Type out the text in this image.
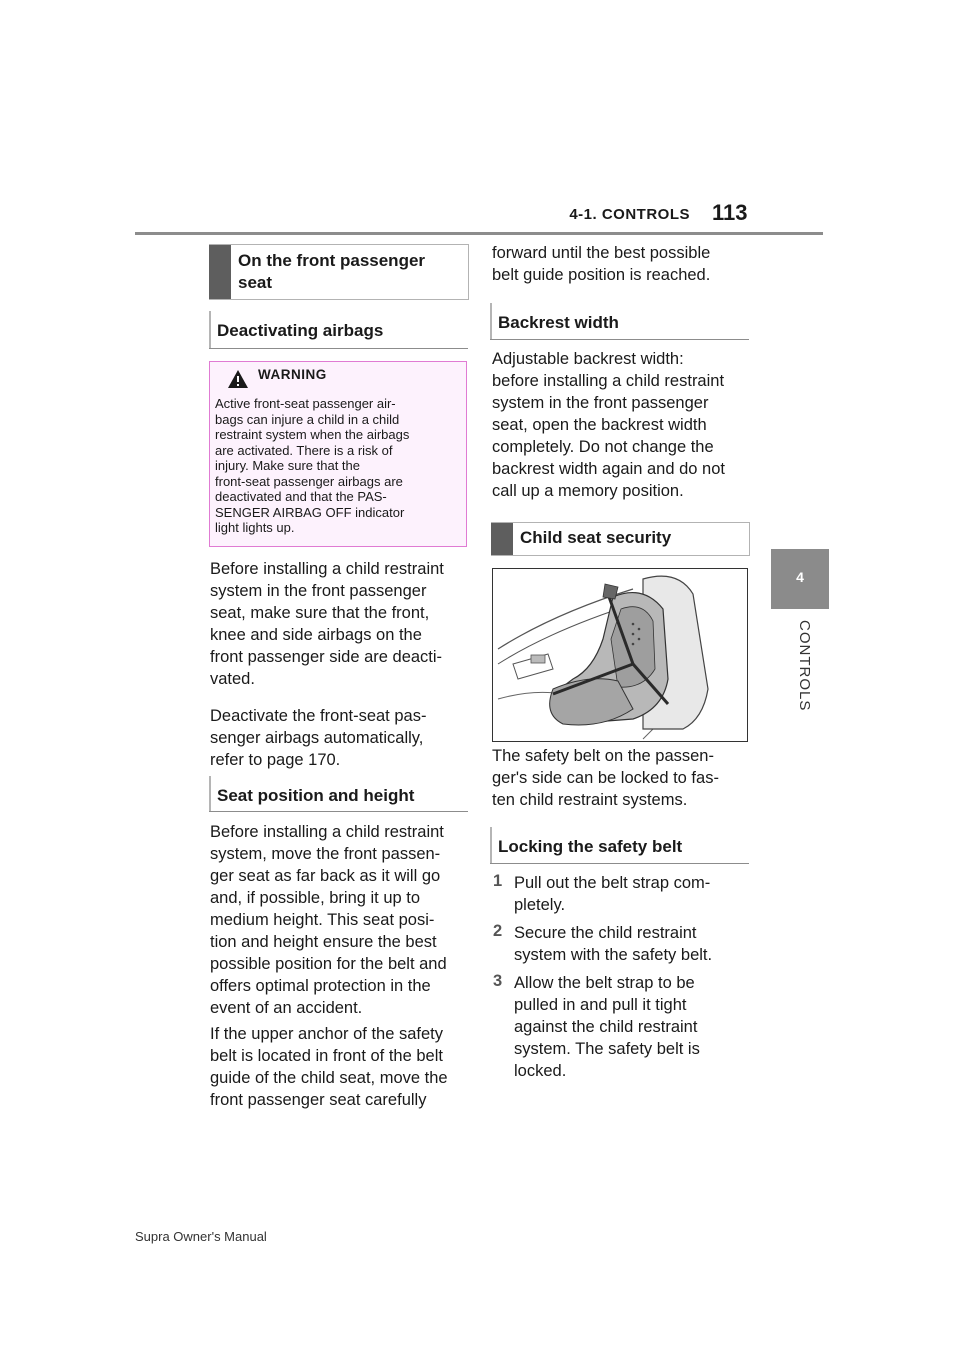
4-1. CONTROLS 113
4
CONTROLS
On the front passenger seat
Deactivating airbags
WARNING
Active front-seat passenger air-
bags can injure a child in a child
restraint system when the airbags
are activated. There is a risk of
injury. Make sure that the
front-seat passenger airbags are
deactivated and that the PAS-
SENGER AIRBAG OFF indicator
light lights up.
Before installing a child restraint
system in the front passenger
seat, make sure that the front,
knee and side airbags on the
front passenger side are deacti-
vated.
Deactivate the front-seat pas-
senger airbags automatically,
refer to page 170.
Seat position and height
Before installing a child restraint
system, move the front passen-
ger seat as far back as it will go
and, if possible, bring it up to
medium height. This seat posi-
tion and height ensure the best
possible position for the belt and
offers optimal protection in the
event of an accident.
If the upper anchor of the safety
belt is located in front of the belt
guide of the child seat, move the
front passenger seat carefully
forward until the best possible
belt guide position is reached.
Backrest width
Adjustable backrest width:
before installing a child restraint
system in the front passenger
seat, open the backrest width
completely. Do not change the
backrest width again and do not
call up a memory position.
Child seat security
The safety belt on the passen-
ger's side can be locked to fas-
ten child restraint systems.
Locking the safety belt
1 Pull out the belt strap com-
pletely.
2 Secure the child restraint
system with the safety belt.
3 Allow the belt strap to be
pulled in and pull it tight
against the child restraint
system. The safety belt is
locked.
Supra Owner's Manual
